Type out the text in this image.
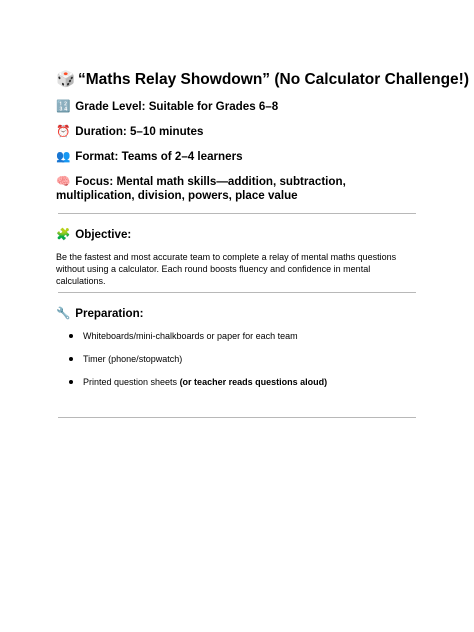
🎲 “Maths Relay Showdown” (No Calculator Challenge!)
🔢 Grade Level: Suitable for Grades 6–8
⏰ Duration: 5–10 minutes
👥 Format: Teams of 2–4 learners
🧠 Focus: Mental math skills—addition, subtraction, multiplication, division, powers, place value
🧩 Objective:
Be the fastest and most accurate team to complete a relay of mental maths questions without using a calculator. Each round boosts fluency and confidence in mental calculations.
🔧 Preparation:
Whiteboards/mini-chalkboards or paper for each team
Timer (phone/stopwatch)
Printed question sheets (or teacher reads questions aloud)
